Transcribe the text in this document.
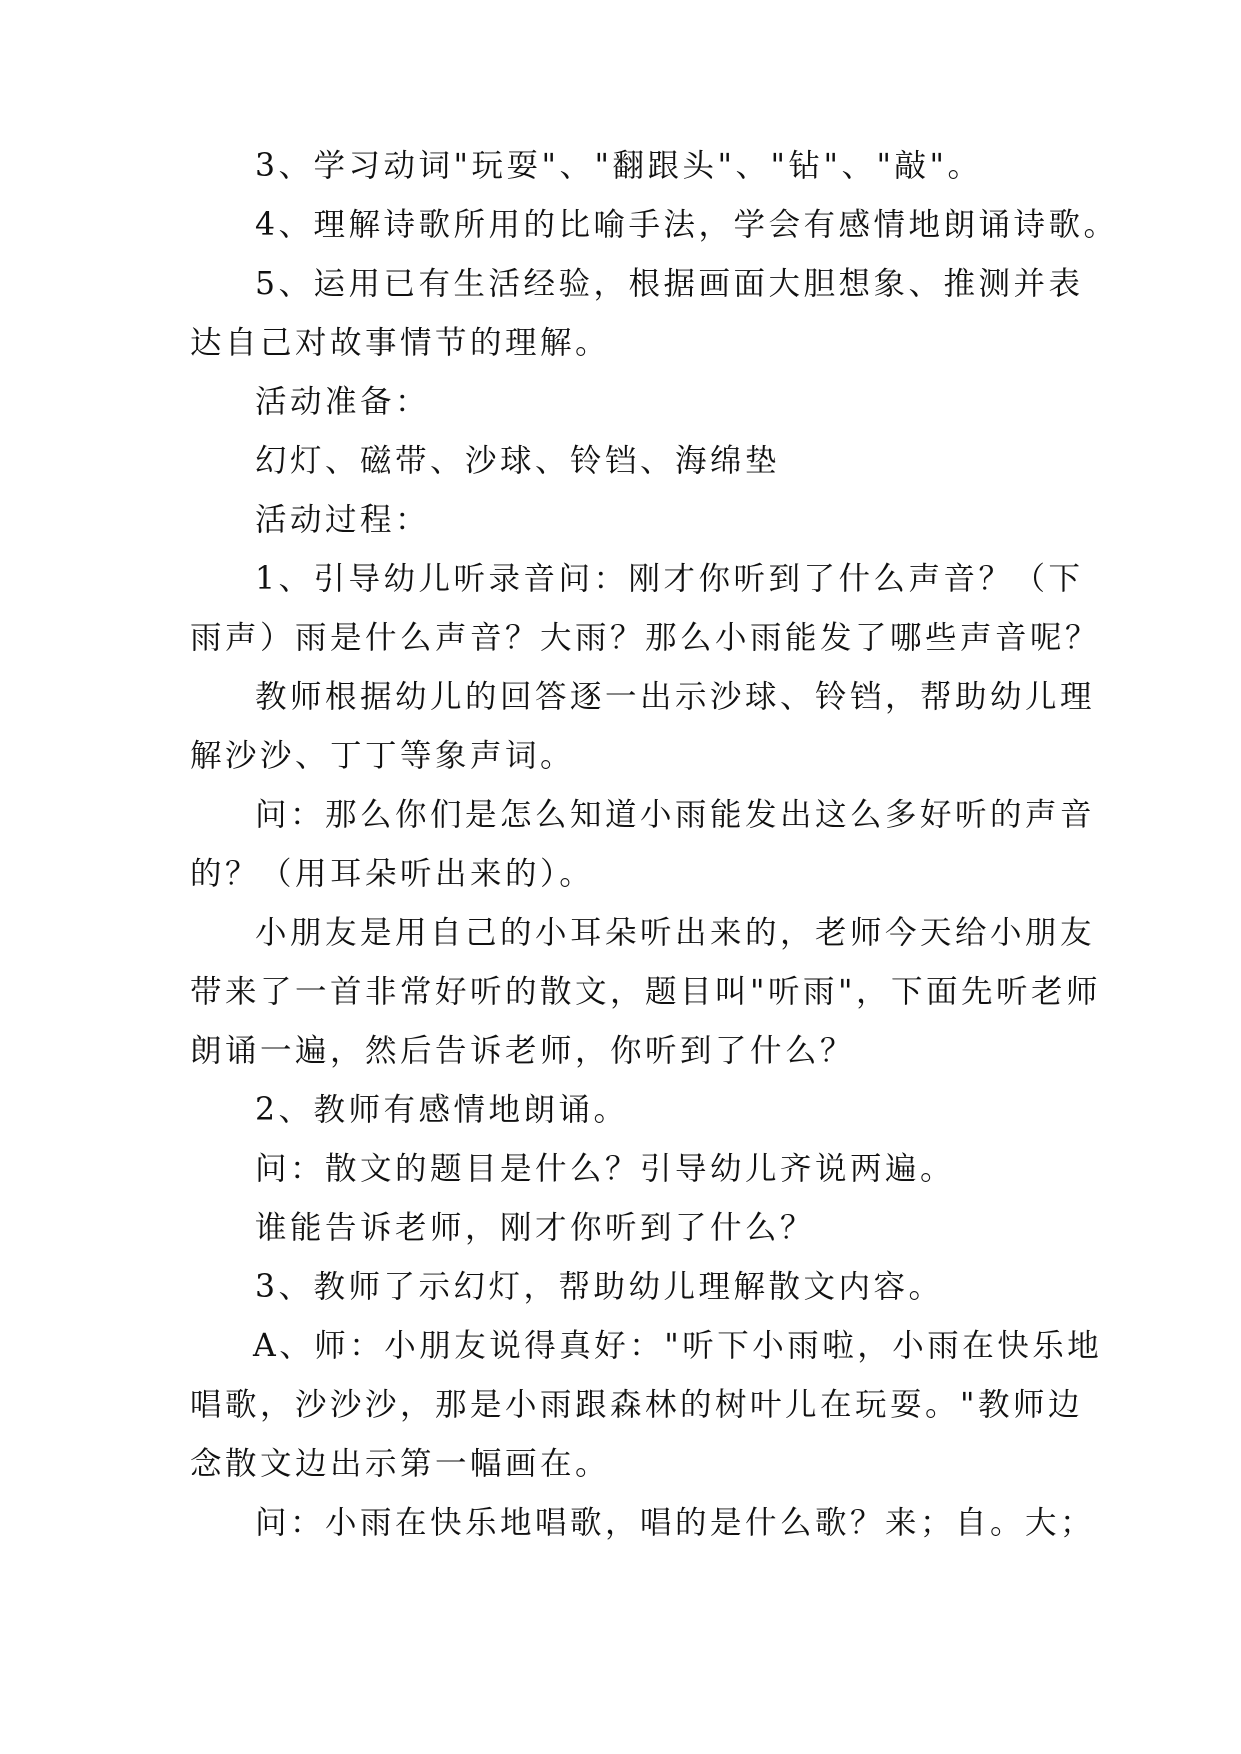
3、学习动词"玩耍"、"翻跟头"、"钻"、"敲"。
4、理解诗歌所用的比喻手法，学会有感情地朗诵诗歌。
5、运用已有生活经验，根据画面大胆想象、推测并表
达自己对故事情节的理解。
活动准备：
幻灯、磁带、沙球、铃铛、海绵垫
活动过程：
1、引导幼儿听录音问：刚才你听到了什么声音？（下
雨声）雨是什么声音？大雨？那么小雨能发了哪些声音呢？
教师根据幼儿的回答逐一出示沙球、铃铛，帮助幼儿理
解沙沙、丁丁等象声词。
问：那么你们是怎么知道小雨能发出这么多好听的声音
的？（用耳朵听出来的）。
小朋友是用自己的小耳朵听出来的，老师今天给小朋友
带来了一首非常好听的散文，题目叫"听雨"，下面先听老师
朗诵一遍，然后告诉老师，你听到了什么？
2、教师有感情地朗诵。
问：散文的题目是什么？引导幼儿齐说两遍。
谁能告诉老师，刚才你听到了什么？
3、教师了示幻灯，帮助幼儿理解散文内容。
A、师：小朋友说得真好："听下小雨啦，小雨在快乐地
唱歌，沙沙沙，那是小雨跟森林的树叶儿在玩耍。"教师边
念散文边出示第一幅画在。
问：小雨在快乐地唱歌，唱的是什么歌？来；自。大；
